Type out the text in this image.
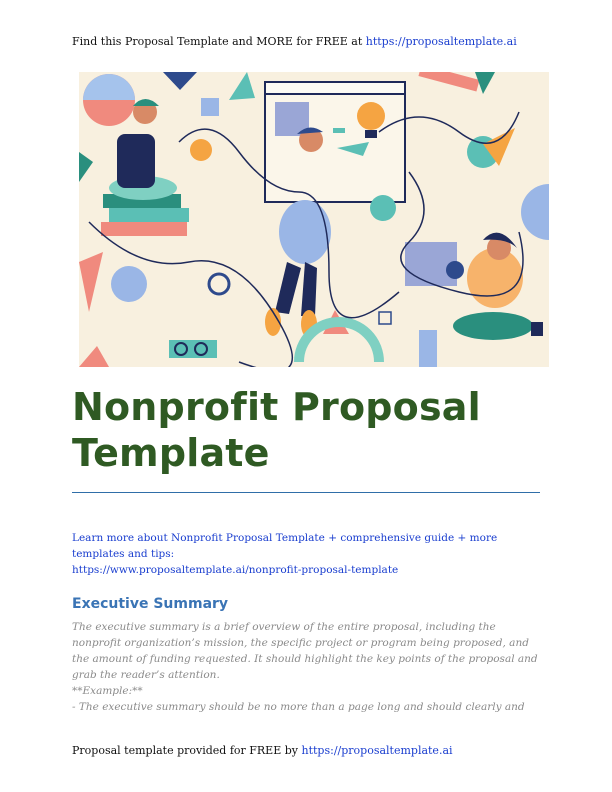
Find this Proposal Template and MORE for FREE at https://proposaltemplate.ai
Nonprofit Proposal Template
Learn more about Nonprofit Proposal Template + comprehensive guide + more templates and tips:
https://www.proposaltemplate.ai/nonprofit-proposal-template
Executive Summary

The executive summary is a brief overview of the entire proposal, including the nonprofit organization’s mission, the specific project or program being proposed, and the amount of funding requested. It should highlight the key points of the proposal and grab the reader’s attention.

**Example:**

- The executive summary should be no more than a page long and should clearly and

Proposal template provided for FREE by https://proposaltemplate.ai
